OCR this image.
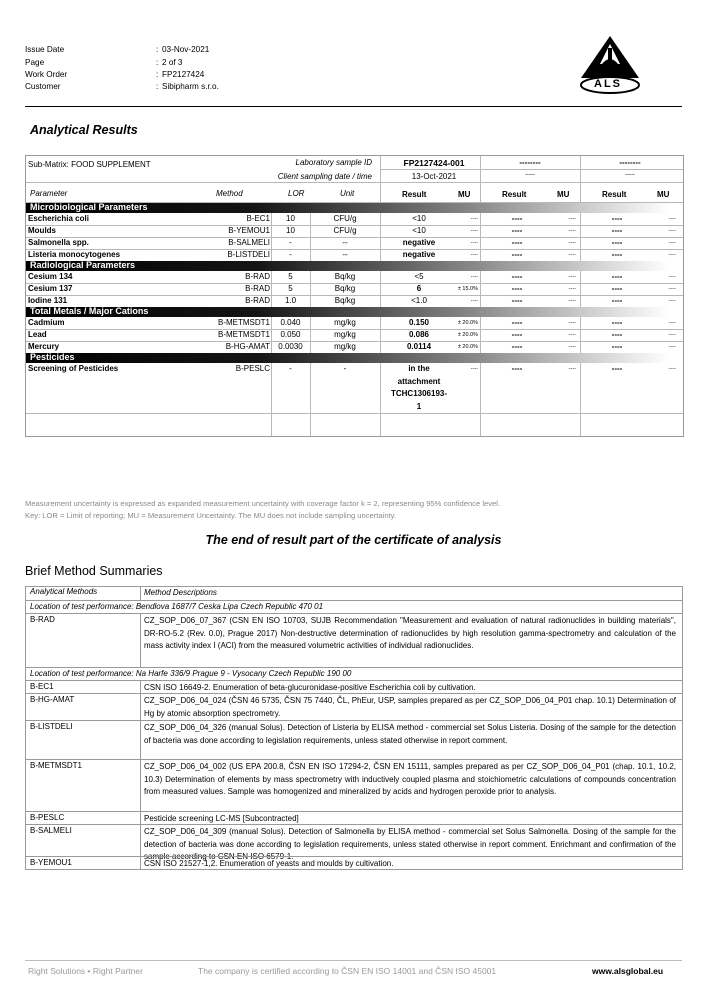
Issue Date	: 03-Nov-2021
Page	: 2 of 3
Work Order	: FP2127424
Customer	: Sibipharm s.r.o.	ALS
Analytical Results
Sub-Matrix: FOOD SUPPLEMENT	Laboratory sample ID
Client sampling date / time
FP2127424-001	--------	--------
13-Oct-2021	-----	-----
Parameter	Method	LOR	Unit	Result	MU	Result	MU	Result	MU
Microbiological Parameters
Escherichia coli	B-EC1	10	CFU/g	<10	----	----	----	----	----
Moulds	B-YEMOU1	10	CFU/g	<10	----	----	----	----	----
Salmonella spp.	B-SALMELI	-	--	negative	----	----	----	----	----
Listeria monocytogenes	B-LISTDELI	-	--	negative	----	----	----	----	----
Radiological Parameters
Cesium 134	B-RAD	5	Bq/kg	<5	----	----	----	----	----
Cesium 137	B-RAD	5	Bq/kg	6	± 15.0%	----	----	----	----
Iodine 131	B-RAD	1.0	Bq/kg	<1.0	----	----	----	----	----
Total Metals / Major Cations
Cadmium	B-METMSDT1	0.040	mg/kg	0.150	± 20.0%	----	----	----	----
Lead	B-METMSDT1	0.050	mg/kg	0.086	± 20.0%	----	----	----	----
Mercury	B-HG-AMAT	0.0030	mg/kg	0.0114	± 20.0%	----	----	----	----
Pesticides
Screening of Pesticides	B-PESLC	-	-	in the
attachment
TCHC1306193-
1
----	----	----	----	----
Measurement uncertainty is expressed as expanded measurement uncertainty with coverage factor k = 2, representing 95% confidence level.
Key: LOR = Limit of reporting; MU = Measurement Uncertainty. The MU does not include sampling uncertainty.
The end of result part of the certificate of analysis
Brief Method Summaries
Analytical Methods	Method Descriptions
Location of test performance: Bendlova 1687/7 Ceska Lipa Czech Republic 470 01
B-RAD	CZ_SOP_D06_07_367 (CSN EN ISO 10703, SUJB Recommendation "Measurement and evaluation of natural radionuclides in building materials", DR-RO-5.2 (Rev. 0.0), Prague 2017) Non-destructive determination of radionuclides by high resolution gamma-spectrometry and calculation of the mass activity index I (ACI) from the measured volumetric activities of individual radionuclides.
Location of test performance: Na Harfe 336/9 Prague 9 - Vysocany Czech Republic 190 00
B-EC1	CSN ISO 16649-2. Enumeration of beta-glucuronidase-positive Escherichia coli by cultivation.
B-HG-AMAT	CZ_SOP_D06_04_024 (ČSN 46 5735, ČSN 75 7440, ČL, PhEur, USP, samples prepared as per CZ_SOP_D06_04_P01 chap. 10.1) Determination of Hg by atomic absorption spectrometry.
B-LISTDELI	CZ_SOP_D06_04_326 (manual Solus). Detection of Listeria by ELISA method - commercial set Solus Listeria. Dosing of the sample for the detection of bacteria was done according to legislation requirements, unless stated otherwise in report comment.
B-METMSDT1	CZ_SOP_D06_04_002 (US EPA 200.8, ČSN EN ISO 17294-2, ČSN EN 15111, samples prepared as per CZ_SOP_D06_04_P01 (chap. 10.1, 10.2, 10.3) Determination of elements by mass spectrometry with inductively coupled plasma and stoichiometric calculations of compounds concentration from measured values. Sample was homogenized and mineralized by acids and hydrogen peroxide prior to analysis.
B-PESLC	Pesticide screening LC-MS [Subcontracted]
B-SALMELI	CZ_SOP_D06_04_309 (manual Solus). Detection of Salmonella by ELISA method - commercial set Solus Salmonella. Dosing of the sample for the detection of bacteria was done according to legislation requirements, unless stated otherwise in report comment. Enrichmant and confirmation of the sample according to CSN EN ISO 6579-1.
B-YEMOU1	CSN ISO 21527-1,2. Enumeration of yeasts and moulds by cultivation.
Right Solutions • Right Partner	The company is certified according to ČSN EN ISO 14001 and ČSN ISO 45001	www.alsglobal.eu
